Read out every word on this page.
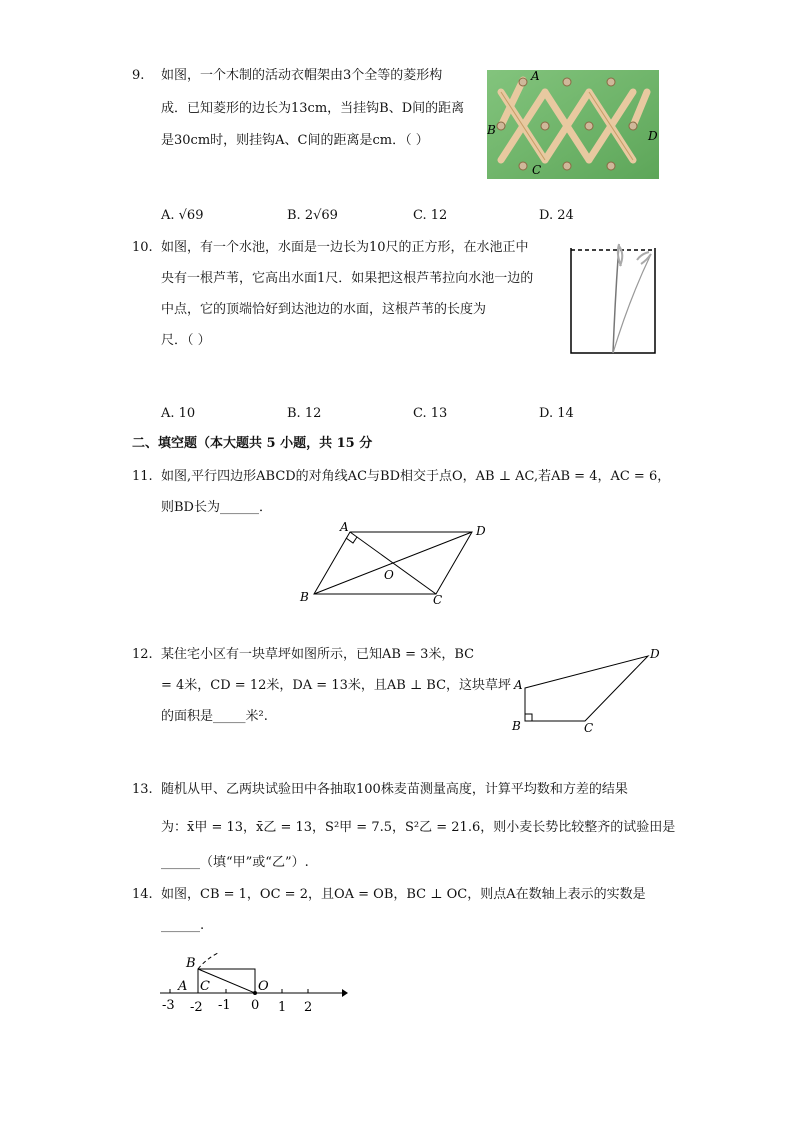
9. 如图，一个木制的活动衣帽架由3个全等的菱形构
成．已知菱形的边长为13cm，当挂钩B、D间的距离
是30cm时，则挂钩A、C间的距离是cm．（ ）
A
B
C
D
A. √69	B. 2√69	C. 12	D. 24
10. 如图，有一个水池，水面是一边长为10尺的正方形，在水池正中
央有一根芦苇，它高出水面1尺．如果把这根芦苇拉向水池一边的
中点，它的顶端恰好到达池边的水面，这根芦苇的长度为
尺．（ ）
A. 10	B. 12	C. 13	D. 14
二、填空题（本大题共 5 小题，共 15 分
11. 如图,平行四边形ABCD的对角线AC与BD相交于点O，AB ⊥ AC,若AB = 4，AC = 6，
则BD长为______．
A	D
O
B	C
12. 某住宅小区有一块草坪如图所示，已知AB = 3米，BC
= 4米，CD = 12米，DA = 13米，且AB ⊥ BC，这块草坪
的面积是_____米².
D
A
B	C
13. 随机从甲、乙两块试验田中各抽取100株麦苗测量高度，计算平均数和方差的结果
为：x̄甲 = 13，x̄乙 = 13，S²甲 = 7.5，S²乙 = 21.6，则小麦长势比较整齐的试验田是
______（填“甲”或“乙”）.
14. 如图，CB = 1，OC = 2，且OA = OB，BC ⊥ OC，则点A在数轴上表示的实数是
______.
B
A C	O
-3 -2 -1 0 1 2
